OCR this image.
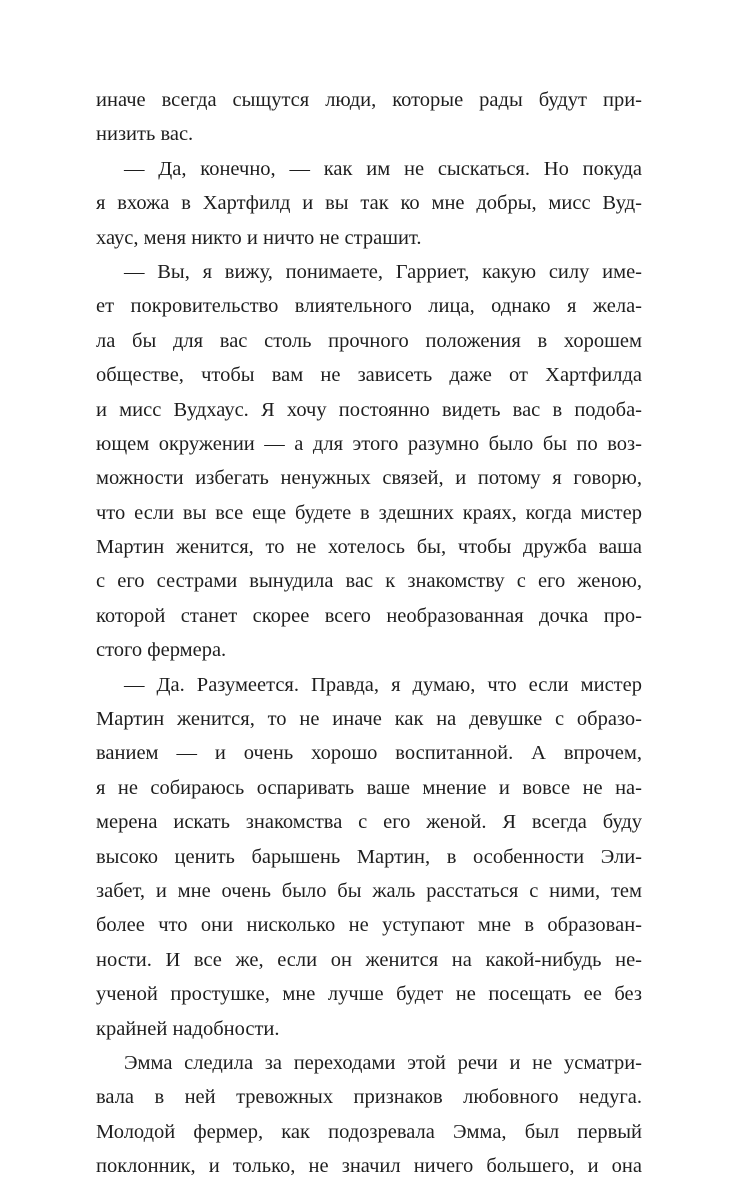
иначе всегда сыщутся люди, которые рады будут при-
низить вас.
— Да, конечно, — как им не сыскаться. Но покуда
я вхожа в Хартфилд и вы так ко мне добры, мисс Вуд-
хаус, меня никто и ничто не страшит.
— Вы, я вижу, понимаете, Гарриет, какую силу име-
ет покровительство влиятельного лица, однако я жела-
ла бы для вас столь прочного положения в хорошем
обществе, чтобы вам не зависеть даже от Хартфилда
и мисс Вудхаус. Я хочу постоянно видеть вас в подоба-
ющем окружении — а для этого разумно было бы по воз-
можности избегать ненужных связей, и потому я говорю,
что если вы все еще будете в здешних краях, когда мистер
Мартин женится, то не хотелось бы, чтобы дружба ваша
с его сестрами вынудила вас к знакомству с его женою,
которой станет скорее всего необразованная дочка про-
стого фермера.
— Да. Разумеется. Правда, я думаю, что если мистер
Мартин женится, то не иначе как на девушке с образо-
ванием — и очень хорошо воспитанной. А впрочем,
я не собираюсь оспаривать ваше мнение и вовсе не на-
мерена искать знакомства с его женой. Я всегда буду
высоко ценить барышень Мартин, в особенности Эли-
забет, и мне очень было бы жаль расстаться с ними, тем
более что они нисколько не уступают мне в образован-
ности. И все же, если он женится на какой-нибудь не-
ученой простушке, мне лучше будет не посещать ее без
крайней надобности.
Эмма следила за переходами этой речи и не усматри-
вала в ней тревожных признаков любовного недуга.
Молодой фермер, как подозревала Эмма, был первый
поклонник, и только, не значил ничего большего, и она
